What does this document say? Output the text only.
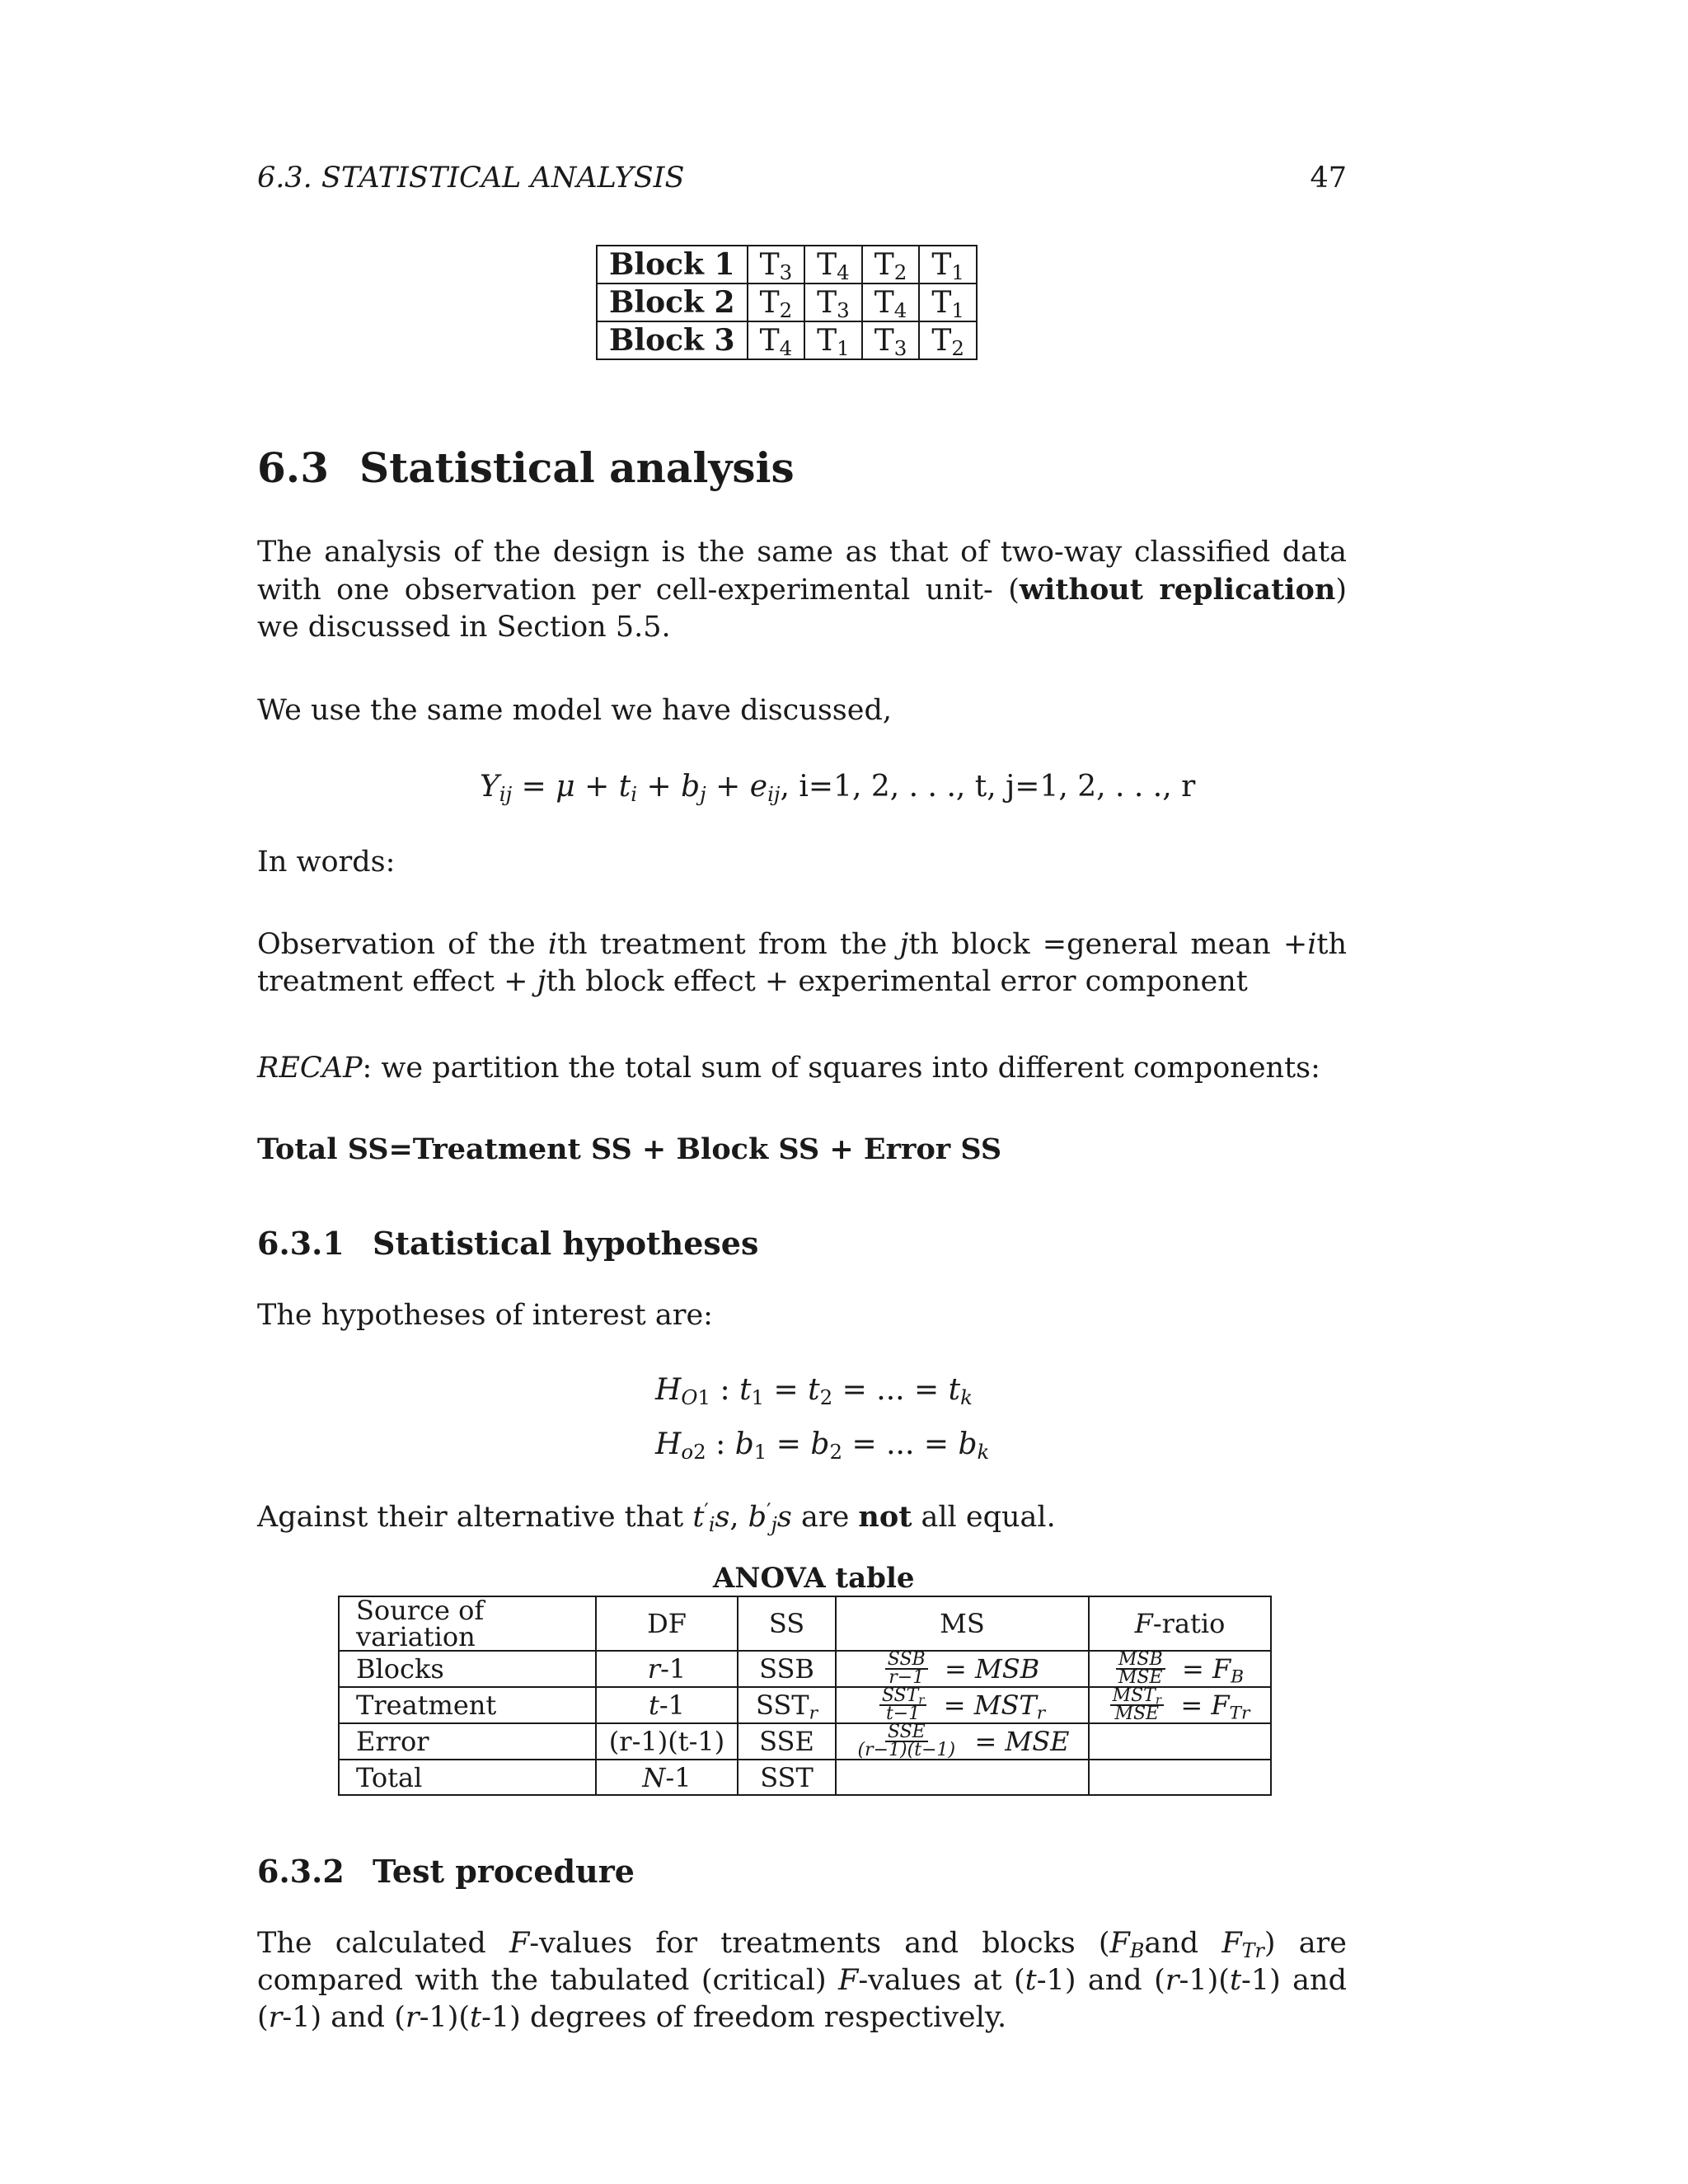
6.3. STATISTICAL ANALYSIS	47
Block 1	$T_3$	$T_4$	$T_2$	$T_1$
Block 2	$T_2$	$T_3$	$T_4$	$T_1$
Block 3	$T_4$	$T_1$	$T_3$	$T_2$
6.3 Statistical analysis
The analysis of the design is the same as that of two-way classified data with one observation per cell-experimental unit- (without replication) we discussed in Section 5.5.
We use the same model we have discussed,
$Y_{ij} = \mu + t_i + b_j + e_{ij}$, i=1, 2, . . ., t, j=1, 2, . . ., r
In words:
Observation of the ith treatment from the jth block =general mean +ith treatment effect + jth block effect + experimental error component
RECAP: we partition the total sum of squares into different components:
Total SS=Treatment SS + Block SS + Error SS
6.3.1 Statistical hypotheses
The hypotheses of interest are:
$H_{O1}$ : $t_1 = t_2$ = ... = $t_k$
$H_{o2}$ : $b_1 = b_2$ = ... = $b_k$
Against their alternative that $t'_is$, $b'_js$ are not all equal.
ANOVA table
Source of variation	DF	SS	MS	F-ratio
Blocks	r-1	SSB	$\frac{\text{SSB}}{r-1}$ = MSB	$\frac{\text{MSB}}{\text{MSE}} = F_B$
Treatment	t-1	$SST_r$	$\frac{SST_r}{t-1} = MST_r$	$\frac{MST_r}{\text{MSE}} = F_{Tr}$
Error	(r-1)(t-1)	SSE	$\frac{\text{SSE}}{(r-1)(t-1)}$ = MSE	
Total	N-1	SST		
6.3.2 Test procedure
The calculated F-values for treatments and blocks ($F_Band$ $F_{Tr}$) are compared with the tabulated (critical) F-values at (t-1) and (r-1)(t-1) and (r-1) and (r-1)(t-1) degrees of freedom respectively.
